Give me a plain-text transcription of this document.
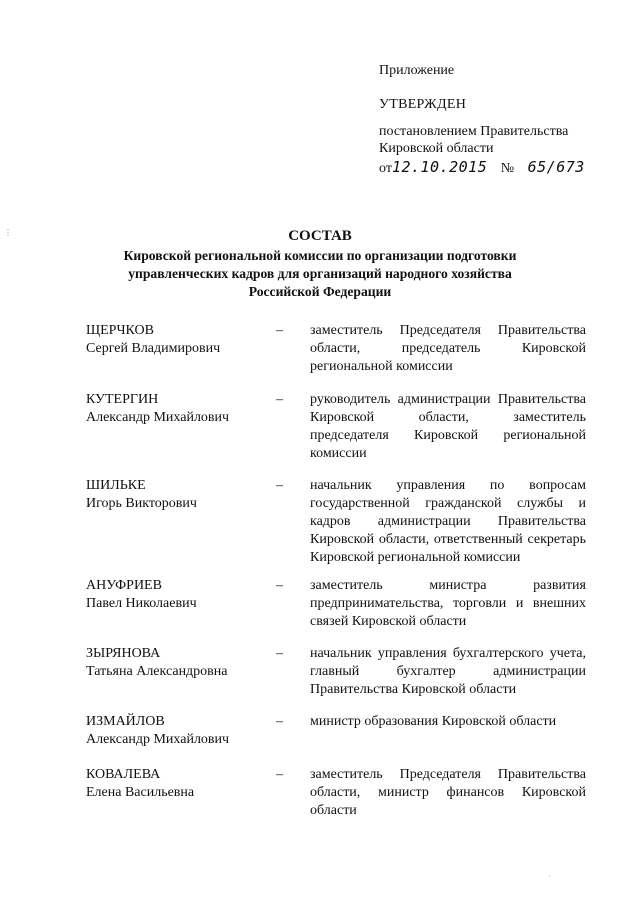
Приложение
УТВЕРЖДЕН
постановлением Правительства
Кировской области
от12.10.2015 № 65/673
СОСТАВ
Кировской региональной комиссии по организации подготовки управленческих кадров для организаций народного хозяйства Российской Федерации
ЩЕРЧКОВ
Сергей Владимирович
– заместитель Председателя Правительства области, председатель Кировской региональной комиссии
КУТЕРГИН
Александр Михайлович
– руководитель администрации Правительства Кировской области, заместитель председателя Кировской региональной комиссии
ШИЛЬКЕ
Игорь Викторович
– начальник управления по вопросам государственной гражданской службы и кадров администрации Правительства Кировской области, ответственный секретарь Кировской региональной комиссии
АНУФРИЕВ
Павел Николаевич
– заместитель министра развития предпринимательства, торговли и внешних связей Кировской области
ЗЫРЯНОВА
Татьяна Александровна
– начальник управления бухгалтерского учета, главный бухгалтер администрации Правительства Кировской области
ИЗМАЙЛОВ
Александр Михайлович
– министр образования Кировской области
КОВАЛЕВА
Елена Васильевна
– заместитель Председателя Правительства области, министр финансов Кировской области
⋮
·
